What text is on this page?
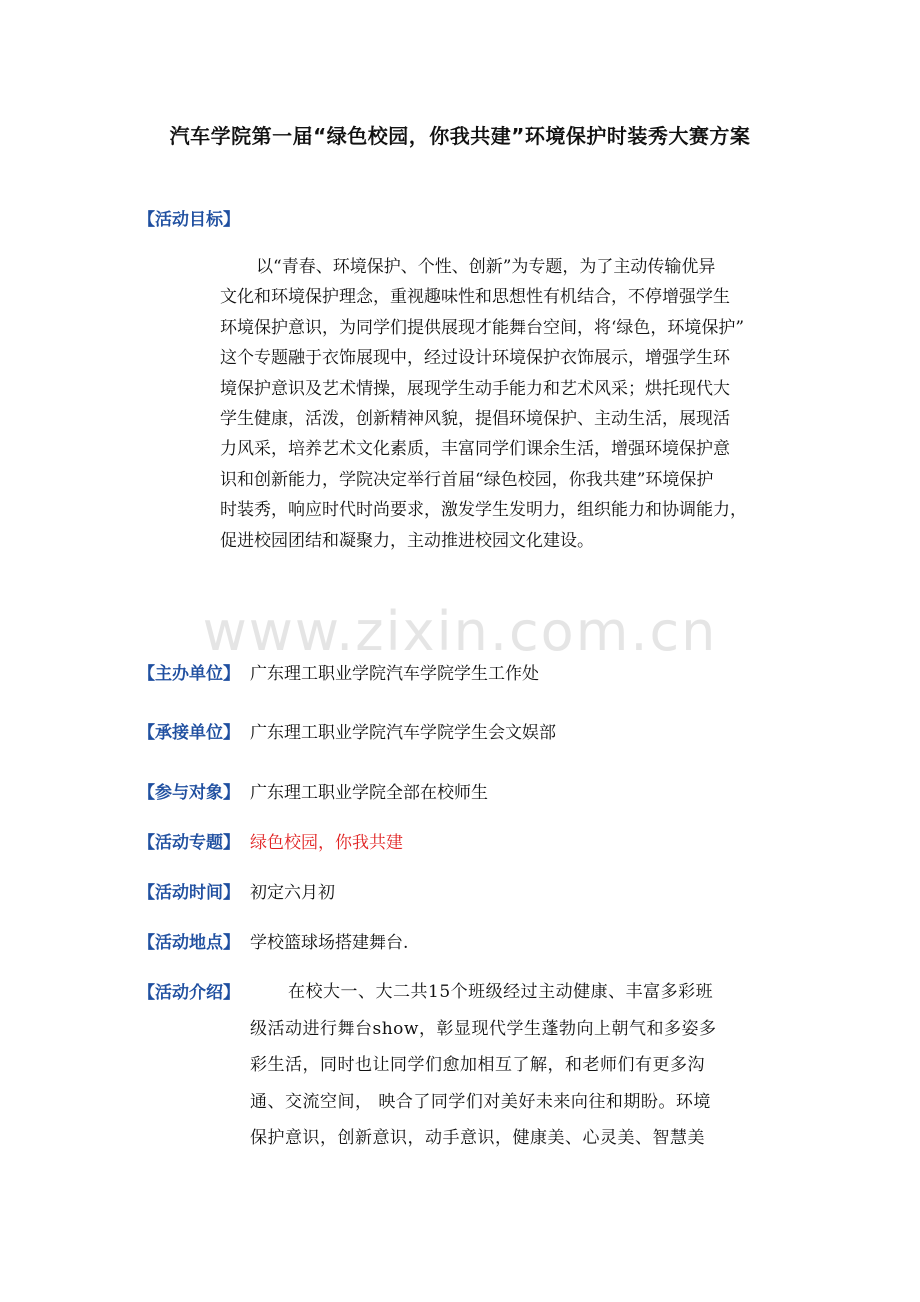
汽车学院第一届“绿色校园，你我共建”环境保护时装秀大赛方案
【活动目标】

以“青春、环境保护、个性、创新”为专题，为了主动传输优异

文化和环境保护理念，重视趣味性和思想性有机结合，不停增强学生

环境保护意识，为同学们提供展现才能舞台空间，将‘绿色，环境保护”

这个专题融于衣饰展现中，经过设计环境保护衣饰展示，增强学生环

境保护意识及艺术情操，展现学生动手能力和艺术风采；烘托现代大

学生健康，活泼，创新精神风貌，提倡环境保护、主动生活，展现活

力风采，培养艺术文化素质，丰富同学们课余生活，增强环境保护意

识和创新能力，学院决定举行首届“绿色校园，你我共建”环境保护

时装秀，响应时代时尚要求，激发学生发明力，组织能力和协调能力，

促进校园团结和凝聚力，主动推进校园文化建设。

www.zixin.com.cn
【主办单位】 广东理工职业学院汽车学院学生工作处
【承接单位】 广东理工职业学院汽车学院学生会文娱部
【参与对象】 广东理工职业学院全部在校师生
【活动专题】 绿色校园，你我共建
【活动时间】 初定六月初
【活动地点】 学校篮球场搭建舞台.
【活动介绍】	在校大一、大二共15个班级经过主动健康、丰富多彩班

级活动进行舞台show，彰显现代学生蓬勃向上朝气和多姿多

彩生活，同时也让同学们愈加相互了解，和老师们有更多沟

通、交流空间， 映合了同学们对美好未来向往和期盼。环境

保护意识，创新意识，动手意识，健康美、心灵美、智慧美
